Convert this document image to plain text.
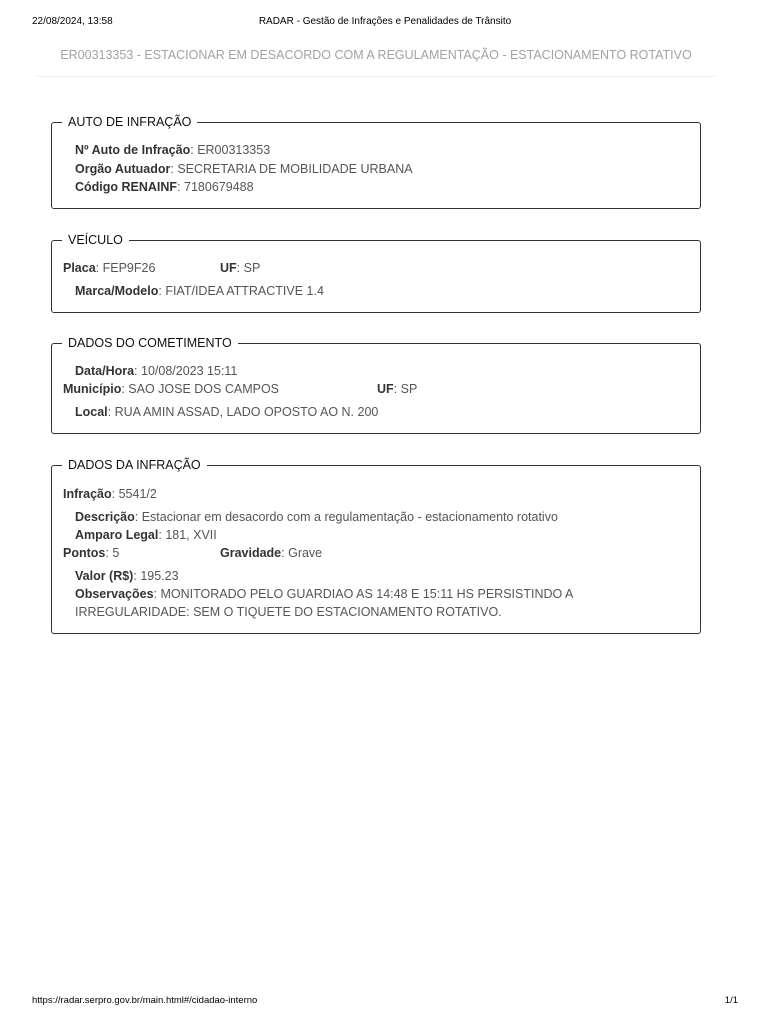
22/08/2024, 13:58	RADAR - Gestão de Infrações e Penalidades de Trânsito
ER00313353 - ESTACIONAR EM DESACORDO COM A REGULAMENTAÇÃO - ESTACIONAMENTO ROTATIVO
AUTO DE INFRAÇÃO
Nº Auto de Infração: ER00313353
Orgão Autuador: SECRETARIA DE MOBILIDADE URBANA
Código RENAINF: 7180679488
VEÍCULO
Placa: FEP9F26	UF: SP
Marca/Modelo: FIAT/IDEA ATTRACTIVE 1.4
DADOS DO COMETIMENTO
Data/Hora: 10/08/2023 15:11
Município: SAO JOSE DOS CAMPOS	UF: SP
Local: RUA AMIN ASSAD, LADO OPOSTO AO N. 200
DADOS DA INFRAÇÃO
Infração: 5541/2
Descrição: Estacionar em desacordo com a regulamentação - estacionamento rotativo
Amparo Legal: 181, XVII
Pontos: 5	Gravidade: Grave
Valor (R$): 195.23
Observações: MONITORADO PELO GUARDIAO AS 14:48 E 15:11 HS PERSISTINDO A
IRREGULARIDADE: SEM O TIQUETE DO ESTACIONAMENTO ROTATIVO.
https://radar.serpro.gov.br/main.html#/cidadao-interno	1/1
